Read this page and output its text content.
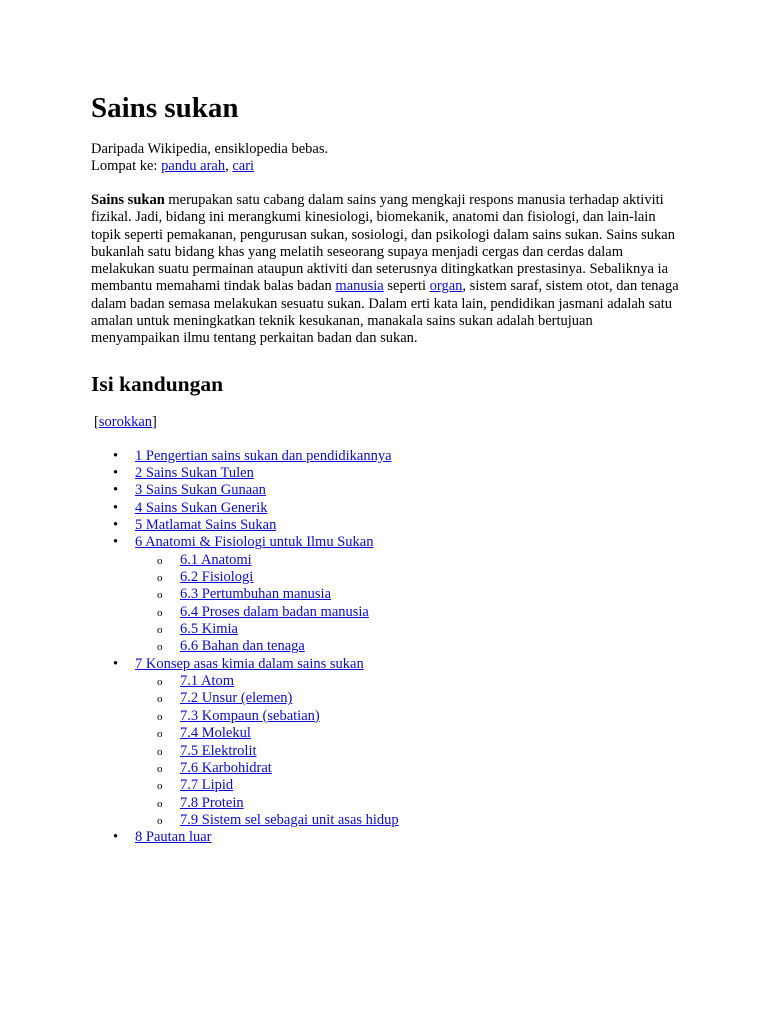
Sains sukan
Daripada Wikipedia, ensiklopedia bebas.
Lompat ke: pandu arah, cari
Sains sukan merupakan satu cabang dalam sains yang mengkaji respons manusia terhadap aktiviti fizikal. Jadi, bidang ini merangkumi kinesiologi, biomekanik, anatomi dan fisiologi, dan lain-lain topik seperti pemakanan, pengurusan sukan, sosiologi, dan psikologi dalam sains sukan. Sains sukan bukanlah satu bidang khas yang melatih seseorang supaya menjadi cergas dan cerdas dalam melakukan suatu permainan ataupun aktiviti dan seterusnya ditingkatkan prestasinya. Sebaliknya ia membantu memahami tindak balas badan manusia seperti organ, sistem saraf, sistem otot, dan tenaga dalam badan semasa melakukan sesuatu sukan. Dalam erti kata lain, pendidikan jasmani adalah satu amalan untuk meningkatkan teknik kesukanan, manakala sains sukan adalah bertujuan menyampaikan ilmu tentang perkaitan badan dan sukan.
Isi kandungan
[sorokkan]
• 1 Pengertian sains sukan dan pendidikannya
• 2 Sains Sukan Tulen
• 3 Sains Sukan Gunaan
• 4 Sains Sukan Generik
• 5 Matlamat Sains Sukan
• 6 Anatomi & Fisiologi untuk Ilmu Sukan
o 6.1 Anatomi
o 6.2 Fisiologi
o 6.3 Pertumbuhan manusia
o 6.4 Proses dalam badan manusia
o 6.5 Kimia
o 6.6 Bahan dan tenaga
• 7 Konsep asas kimia dalam sains sukan
o 7.1 Atom
o 7.2 Unsur (elemen)
o 7.3 Kompaun (sebatian)
o 7.4 Molekul
o 7.5 Elektrolit
o 7.6 Karbohidrat
o 7.7 Lipid
o 7.8 Protein
o 7.9 Sistem sel sebagai unit asas hidup
• 8 Pautan luar
